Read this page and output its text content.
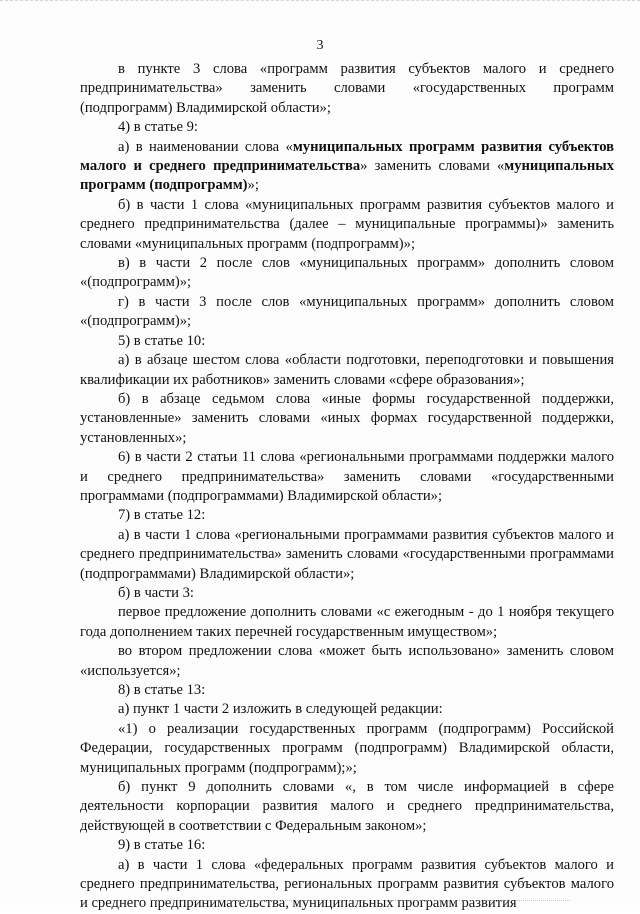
3

в пункте 3 слова «программ развития субъектов малого и среднего предпринимательства» заменить словами «государственных программ (подпрограмм) Владимирской области»;

4) в статье 9:

а) в наименовании слова «муниципальных программ развития субъектов малого и среднего предпринимательства» заменить словами «муниципальных программ (подпрограмм)»;

б) в части 1 слова «муниципальных программ развития субъектов малого и среднего предпринимательства (далее – муниципальные программы)» заменить словами «муниципальных программ (подпрограмм)»;

в) в части 2 после слов «муниципальных программ» дополнить словом «(подпрограмм)»;

г) в части 3 после слов «муниципальных программ» дополнить словом «(подпрограмм)»;

5) в статье 10:

а) в абзаце шестом слова «области подготовки, переподготовки и повышения квалификации их работников» заменить словами «сфере образования»;

б) в абзаце седьмом слова «иные формы государственной поддержки, установленные» заменить словами «иных формах государственной поддержки, установленных»;

6) в части 2 статьи 11 слова «региональными программами поддержки малого и среднего предпринимательства» заменить словами «государственными программами (подпрограммами) Владимирской области»;

7) в статье 12:

а) в части 1 слова «региональными программами развития субъектов малого и среднего предпринимательства» заменить словами «государственными программами (подпрограммами) Владимирской области»;

б) в части 3:

первое предложение дополнить словами «с ежегодным - до 1 ноября текущего года дополнением таких перечней государственным имуществом»;

во втором предложении слова «может быть использовано» заменить словом «используется»;

8) в статье 13:

а) пункт 1 части 2 изложить в следующей редакции:

«1) о реализации государственных программ (подпрограмм) Российской Федерации, государственных программ (подпрограмм) Владимирской области, муниципальных программ (подпрограмм);»;

б) пункт 9 дополнить словами «, в том числе информацией в сфере деятельности корпорации развития малого и среднего предпринимательства, действующей в соответствии с Федеральным законом»;

9) в статье 16:

а) в части 1 слова «федеральных программ развития субъектов малого и среднего предпринимательства, региональных программ развития субъектов малого и среднего предпринимательства, муниципальных программ развития
